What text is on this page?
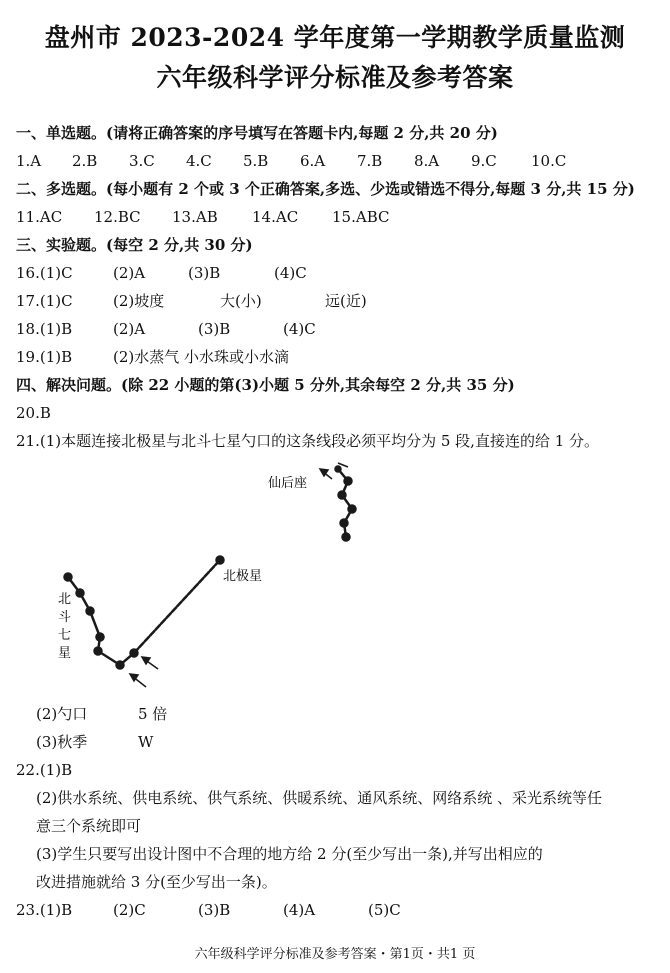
盘州市 2023-2024 学年度第一学期教学质量监测
六年级科学评分标准及参考答案
一、单选题。(请将正确答案的序号填写在答题卡内,每题 2 分,共 20 分)
1.A 2.B 3.C 4.C 5.B 6.A 7.B 8.A 9.C 10.C
二、多选题。(每小题有 2 个或 3 个正确答案,多选、少选或错选不得分,每题 3 分,共 15 分)
11.AC 12.BC 13.AB 14.AC 15.ABC
三、实验题。(每空 2 分,共 30 分)
16.(1)C	(2)A	(3)B	(4)C
17.(1)C	(2)坡度	大(小)	远(近)
18.(1)B	(2)A	(3)B	(4)C
19.(1)B	(2)水蒸气 小水珠或小水滴
四、解决问题。(除 22 小题的第(3)小题 5 分外,其余每空 2 分,共 35 分)
20.B
21.(1)本题连接北极星与北斗七星勺口的这条线段必须平均分为 5 段,直接连的给 1 分。
仙后座
北极星
北
斗
七
星
(2)勺口	5 倍
(3)秋季	W
22.(1)B
(2)供水系统、供电系统、供气系统、供暖系统、通风系统、网络系统 、采光系统等任
意三个系统即可
(3)学生只要写出设计图中不合理的地方给 2 分(至少写出一条),并写出相应的
改进措施就给 3 分(至少写出一条)。
23.(1)B	(2)C	(3)B	(4)A	(5)C
六年级科学评分标准及参考答案・第1页・共1 页
